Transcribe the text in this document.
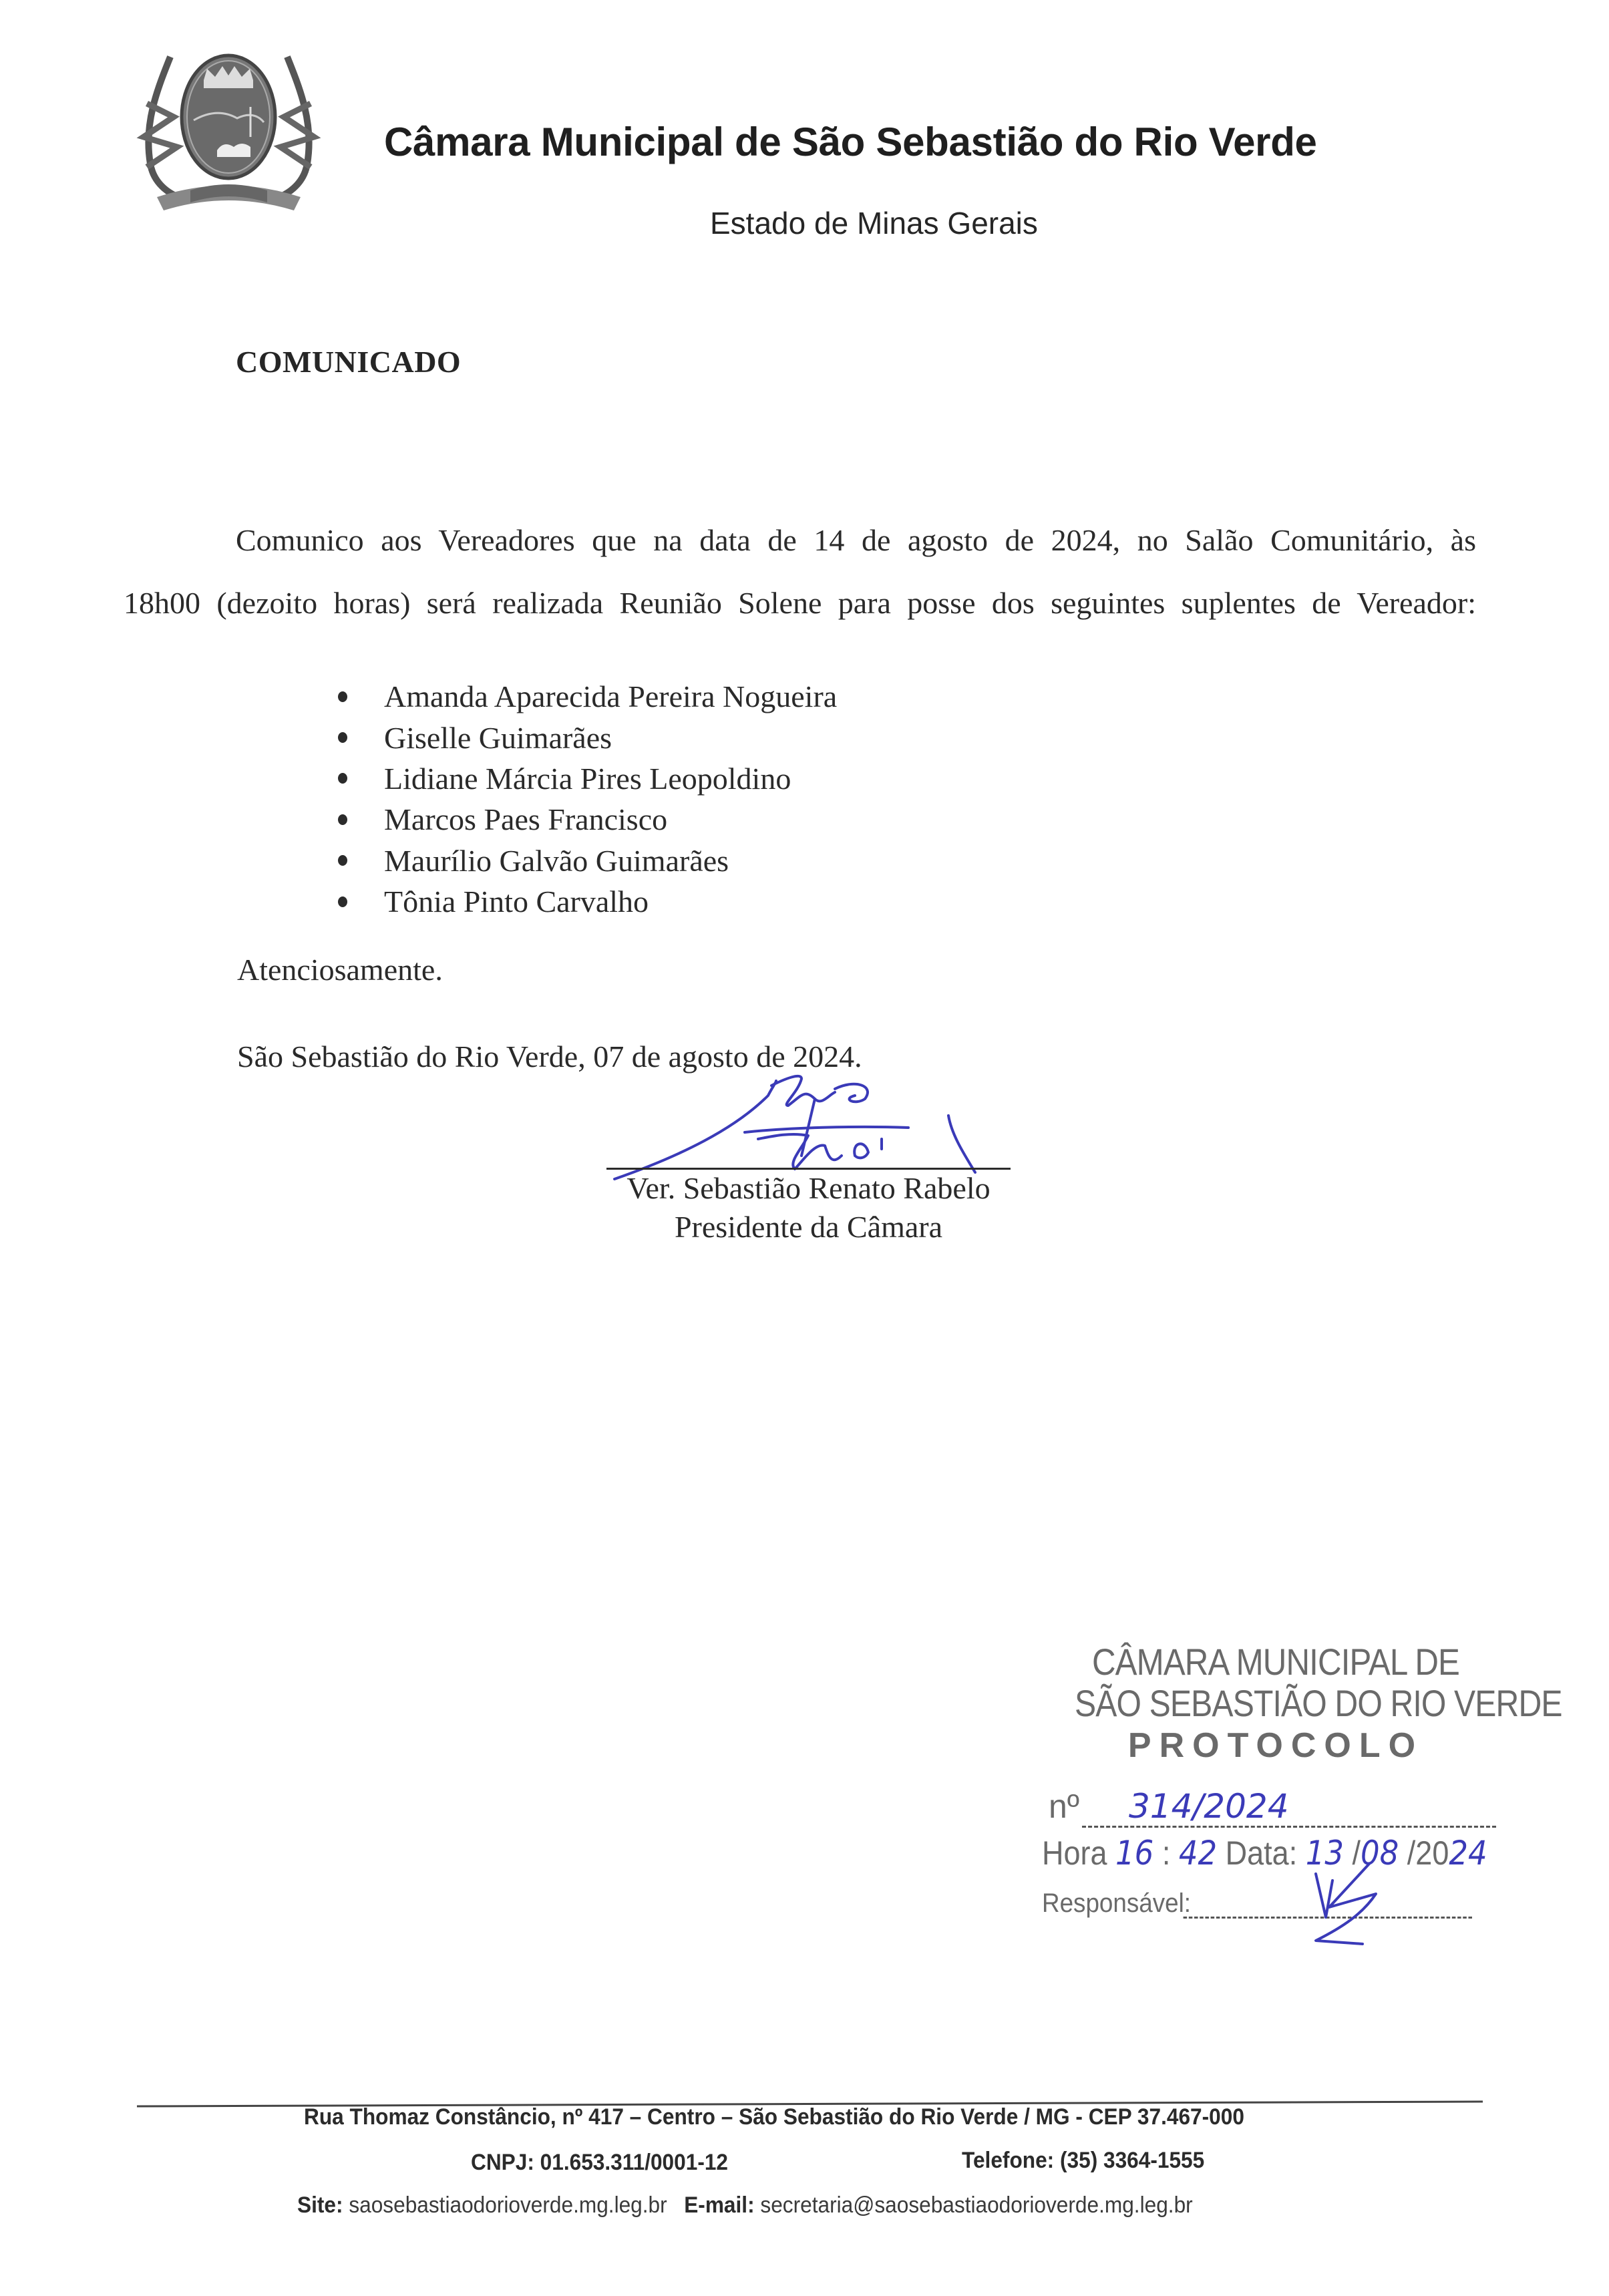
Câmara Municipal de São Sebastião do Rio Verde
Estado de Minas Gerais
COMUNICADO
Comunico aos Vereadores que na data de 14 de agosto de 2024, no Salão Comunitário, às
18h00 (dezoito horas) será realizada Reunião Solene para posse dos seguintes suplentes de Vereador:
Amanda Aparecida Pereira Nogueira
Giselle Guimarães
Lidiane Márcia Pires Leopoldino
Marcos Paes Francisco
Maurílio Galvão Guimarães
Tônia Pinto Carvalho
Atenciosamente.
São Sebastião do Rio Verde, 07 de agosto de 2024.
Ver. Sebastião Renato Rabelo
Presidente da Câmara
CÂMARA MUNICIPAL DE
SÃO SEBASTIÃO DO RIO VERDE
PROTOCOLO
nº 314/2024
Hora 16 : 42 Data: 13 /08 /2024
Responsável:
Rua Thomaz Constâncio, nº 417 – Centro – São Sebastião do Rio Verde / MG - CEP 37.467-000
CNPJ: 01.653.311/0001-12	Telefone: (35) 3364-1555
Site: saosebastiaodorioverde.mg.leg.br E-mail: secretaria@saosebastiaodorioverde.mg.leg.br
